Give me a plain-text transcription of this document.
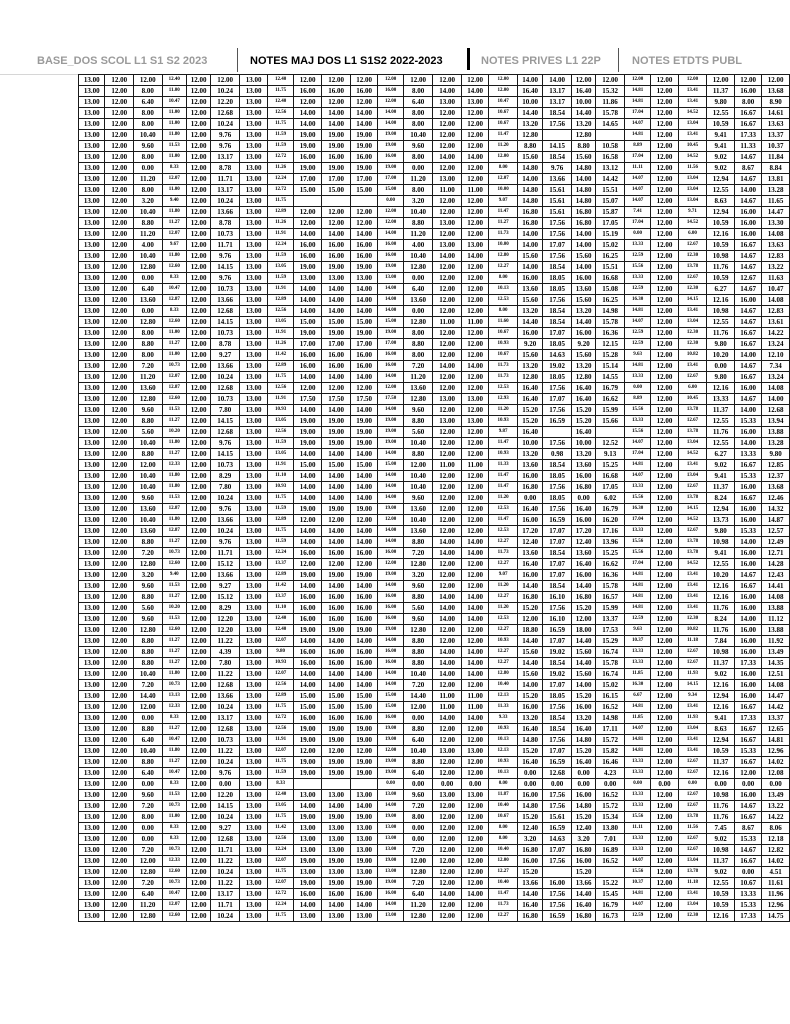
BASE_DOS SCOL L1 S1 S2 2023	NOTES MAJ DOS L1 S1S2 2022-2023	NOTES PRIVES L1 22P	NOTES ETDTS PUBL
13.00	12.00	12.00	12.40	12.00	12.00	13.00	12.40	12.00	12.00	12.00	12.00	12.00	12.00	12.00	12.00	14.00	14.00	12.00	12.00	12.00	12.00	12.00	12.00	12.00	12.00
13.00	12.00	8.00	11.00	12.00	10.24	13.00	11.75	16.00	16.00	16.00	16.00	8.00	14.00	14.00	12.00	16.40	13.17	16.40	15.32	14.81	12.00	13.41	11.37	16.00	13.68
13.00	12.00	6.40	10.47	12.00	12.20	13.00	12.40	12.00	12.00	12.00	12.00	6.40	13.00	13.00	10.47	10.00	13.17	10.00	11.86	14.81	12.00	13.41	9.80	8.00	8.90
13.00	12.00	8.00	11.00	12.00	12.68	13.00	12.56	14.00	14.00	14.00	14.00	8.00	12.00	12.00	10.67	14.40	18.54	14.40	15.78	17.04	12.00	14.52	12.55	16.67	14.61
13.00	12.00	8.00	11.00	12.00	10.24	13.00	11.75	14.00	14.00	14.00	14.00	8.00	12.00	12.00	10.67	13.20	17.56	13.20	14.65	14.07	12.00	13.04	10.59	16.67	13.63
13.00	12.00	10.40	11.80	12.00	9.76	13.00	11.59	19.00	19.00	19.00	19.00	10.40	12.00	12.00	11.47	12.80		12.80		14.81	12.00	13.41	9.41	17.33	13.37
13.00	12.00	9.60	11.53	12.00	9.76	13.00	11.59	19.00	19.00	19.00	19.00	9.60	12.00	12.00	11.20	8.80	14.15	8.80	10.58	8.89	12.00	10.45	9.41	11.33	10.37
13.00	12.00	8.00	11.00	12.00	13.17	13.00	12.72	16.00	16.00	16.00	16.00	8.00	14.00	14.00	12.00	15.60	18.54	15.60	16.58	17.04	12.00	14.52	9.02	14.67	11.84
13.00	12.00	0.00	8.33	12.00	8.78	13.00	11.26	19.00	19.00	19.00	19.00	0.00	12.00	12.00	8.00	14.80	9.76	14.80	13.12	11.11	12.00	11.56	9.02	8.67	8.84
13.00	12.00	11.20	12.07	12.00	11.71	13.00	12.24	17.00	17.00	17.00	17.00	11.20	13.00	12.00	12.07	14.00	13.66	14.00	14.42	14.07	12.00	13.04	12.94	14.67	13.81
13.00	12.00	8.00	11.00	12.00	13.17	13.00	12.72	15.00	15.00	15.00	15.00	8.00	11.00	11.00	10.00	14.80	15.61	14.80	15.51	14.07	12.00	13.04	12.55	14.00	13.28
13.00	12.00	3.20	9.40	12.00	10.24	13.00	11.75				0.00	3.20	12.00	12.00	9.07	14.80	15.61	14.80	15.07	14.07	12.00	13.04	8.63	14.67	11.65
13.00	12.00	10.40	11.80	12.00	13.66	13.00	12.89	12.00	12.00	12.00	12.00	10.40	12.00	12.00	11.47	16.80	15.61	16.80	15.87	7.41	12.00	9.71	12.94	16.00	14.47
13.00	12.00	8.80	11.27	12.00	8.78	13.00	11.26	12.00	12.00	12.00	12.00	8.80	13.00	12.00	11.27	16.80	17.56	16.80	17.05	17.04	12.00	14.52	10.59	16.00	13.30
13.00	12.00	11.20	12.07	12.00	10.73	13.00	11.91	14.00	14.00	14.00	14.00	11.20	12.00	12.00	11.73	14.00	17.56	14.00	15.19	0.00	12.00	6.00	12.16	16.00	14.08
13.00	12.00	4.00	9.67	12.00	11.71	13.00	12.24	16.00	16.00	16.00	16.00	4.00	13.00	13.00	10.00	14.00	17.07	14.00	15.02	13.33	12.00	12.67	10.59	16.67	13.63
13.00	12.00	10.40	11.80	12.00	9.76	13.00	11.59	16.00	16.00	16.00	16.00	10.40	14.00	14.00	12.80	15.60	17.56	15.60	16.25	12.59	12.00	12.30	10.98	14.67	12.83
13.00	12.00	12.80	12.60	12.00	14.15	13.00	13.05	19.00	19.00	19.00	19.00	12.80	12.00	12.00	12.27	14.00	18.54	14.00	15.51	15.56	12.00	13.78	11.76	14.67	13.22
13.00	12.00	0.00	8.33	12.00	9.76	13.00	11.59	13.00	13.00	13.00	13.00	0.00	12.00	12.00	8.00	16.00	18.05	16.00	16.68	13.33	12.00	12.67	10.59	12.67	11.63
13.00	12.00	6.40	10.47	12.00	10.73	13.00	11.91	14.00	14.00	14.00	14.00	6.40	12.00	12.00	10.13	13.60	18.05	13.60	15.08	12.59	12.00	12.30	6.27	14.67	10.47
13.00	12.00	13.60	12.87	12.00	13.66	13.00	12.89	14.00	14.00	14.00	14.00	13.60	12.00	12.00	12.53	15.60	17.56	15.60	16.25	16.30	12.00	14.15	12.16	16.00	14.08
13.00	12.00	0.00	8.33	12.00	12.68	13.00	12.56	14.00	14.00	14.00	14.00	0.00	12.00	12.00	8.00	13.20	18.54	13.20	14.98	14.81	12.00	13.41	10.98	14.67	12.83
13.00	12.00	12.80	12.60	12.00	14.15	13.00	13.05	15.00	15.00	15.00	15.00	12.80	11.00	11.00	11.60	14.40	18.54	14.40	15.78	14.07	12.00	13.04	12.55	14.67	13.61
13.00	12.00	8.00	11.00	12.00	10.73	13.00	11.91	19.00	19.00	19.00	19.00	8.00	12.00	12.00	10.67	16.00	17.07	16.00	16.36	12.59	12.00	12.30	11.76	16.67	14.22
13.00	12.00	8.80	11.27	12.00	8.78	13.00	11.26	17.00	17.00	17.00	17.00	8.80	12.00	12.00	10.93	9.20	18.05	9.20	12.15	12.59	12.00	12.30	9.80	16.67	13.24
13.00	12.00	8.00	11.00	12.00	9.27	13.00	11.42	16.00	16.00	16.00	16.00	8.00	12.00	12.00	10.67	15.60	14.63	15.60	15.28	9.63	12.00	10.82	10.20	14.00	12.10
13.00	12.00	7.20	10.73	12.00	13.66	13.00	12.89	16.00	16.00	16.00	16.00	7.20	14.00	14.00	11.73	13.20	19.02	13.20	15.14	14.81	12.00	13.41	0.00	14.67	7.34
13.00	12.00	11.20	12.07	12.00	10.24	13.00	11.75	14.00	14.00	14.00	14.00	11.20	12.00	12.00	11.73	12.80	18.05	12.80	14.55	13.33	12.00	12.67	9.80	16.67	13.24
13.00	12.00	13.60	12.87	12.00	12.68	13.00	12.56	12.00	12.00	12.00	12.00	13.60	12.00	12.00	12.53	16.40	17.56	16.40	16.79	0.00	12.00	6.00	12.16	16.00	14.08
13.00	12.00	12.80	12.60	12.00	10.73	13.00	11.91	17.50	17.50	17.50	17.50	12.80	13.00	13.00	12.93	16.40	17.07	16.40	16.62	8.89	12.00	10.45	13.33	14.67	14.00
13.00	12.00	9.60	11.53	12.00	7.80	13.00	10.93	14.00	14.00	14.00	14.00	9.60	12.00	12.00	11.20	15.20	17.56	15.20	15.99	15.56	12.00	13.78	11.37	14.00	12.68
13.00	12.00	8.80	11.27	12.00	14.15	13.00	13.05	19.00	19.00	19.00	19.00	8.80	13.00	13.00	10.93	15.20	16.59	15.20	15.66	13.33	12.00	12.67	12.55	15.33	13.94
13.00	12.00	5.60	10.20	12.00	12.68	13.00	12.56	19.00	19.00	19.00	19.00	5.60	12.00	12.00	9.87	16.40		16.40		15.56	12.00	13.78	11.76	16.00	13.88
13.00	12.00	10.40	11.80	12.00	9.76	13.00	11.59	19.00	19.00	19.00	19.00	10.40	12.00	12.00	11.47	10.00	17.56	10.00	12.52	14.07	12.00	13.04	12.55	14.00	13.28
13.00	12.00	8.80	11.27	12.00	14.15	13.00	13.05	14.00	14.00	14.00	14.00	8.80	12.00	12.00	10.93	13.20	0.98	13.20	9.13	17.04	12.00	14.52	6.27	13.33	9.80
13.00	12.00	12.00	12.33	12.00	10.73	13.00	11.91	15.00	15.00	15.00	15.00	12.00	11.00	11.00	11.33	13.60	18.54	13.60	15.25	14.81	12.00	13.41	9.02	16.67	12.85
13.00	12.00	10.40	11.80	12.00	8.29	13.00	11.10	14.00	14.00	14.00	14.00	10.40	12.00	12.00	11.47	16.00	18.05	16.00	16.68	14.07	12.00	13.04	9.41	15.33	12.37
13.00	12.00	10.40	11.80	12.00	7.80	13.00	10.93	14.00	14.00	14.00	14.00	10.40	12.00	12.00	11.47	16.80	17.56	16.80	17.05	13.33	12.00	12.67	11.37	16.00	13.68
13.00	12.00	9.60	11.53	12.00	10.24	13.00	11.75	14.00	14.00	14.00	14.00	9.60	12.00	12.00	11.20	0.00	18.05	0.00	6.02	15.56	12.00	13.78	8.24	16.67	12.46
13.00	12.00	13.60	12.87	12.00	9.76	13.00	11.59	19.00	19.00	19.00	19.00	13.60	12.00	12.00	12.53	16.40	17.56	16.40	16.79	16.30	12.00	14.15	12.94	16.00	14.32
13.00	12.00	10.40	11.80	12.00	13.66	13.00	12.89	12.00	12.00	12.00	12.00	10.40	12.00	12.00	11.47	16.00	16.59	16.00	16.20	17.04	12.00	14.52	13.73	16.00	14.87
13.00	12.00	13.60	12.87	12.00	10.24	13.00	11.75	14.00	14.00	14.00	14.00	13.60	12.00	12.00	12.53	17.20	17.07	17.20	17.16	13.33	12.00	12.67	9.80	15.33	12.57
13.00	12.00	8.80	11.27	12.00	9.76	13.00	11.59	14.00	14.00	14.00	14.00	8.80	14.00	14.00	12.27	12.40	17.07	12.40	13.96	15.56	12.00	13.78	10.98	14.00	12.49
13.00	12.00	7.20	10.73	12.00	11.71	13.00	12.24	16.00	16.00	16.00	16.00	7.20	14.00	14.00	11.73	13.60	18.54	13.60	15.25	15.56	12.00	13.78	9.41	16.00	12.71
13.00	12.00	12.80	12.60	12.00	15.12	13.00	13.37	12.00	12.00	12.00	12.00	12.80	12.00	12.00	12.27	16.40	17.07	16.40	16.62	17.04	12.00	14.52	12.55	16.00	14.28
13.00	12.00	3.20	9.40	12.00	13.66	13.00	12.89	19.00	19.00	19.00	19.00	3.20	12.00	12.00	9.07	16.00	17.07	16.00	16.36	14.81	12.00	13.41	10.20	14.67	12.43
13.00	12.00	9.60	11.53	12.00	9.27	13.00	11.42	14.00	14.00	14.00	14.00	9.60	12.00	12.00	11.20	14.40	18.54	14.40	15.78	14.81	12.00	13.41	12.16	16.67	14.41
13.00	12.00	8.80	11.27	12.00	15.12	13.00	13.37	16.00	16.00	16.00	16.00	8.80	14.00	14.00	12.27	16.80	16.10	16.80	16.57	14.81	12.00	13.41	12.16	16.00	14.08
13.00	12.00	5.60	10.20	12.00	8.29	13.00	11.10	16.00	16.00	16.00	16.00	5.60	14.00	14.00	11.20	15.20	17.56	15.20	15.99	14.81	12.00	13.41	11.76	16.00	13.88
13.00	12.00	9.60	11.53	12.00	12.20	13.00	12.40	16.00	16.00	16.00	16.00	9.60	14.00	14.00	12.53	12.00	16.10	12.00	13.37	12.59	12.00	12.30	8.24	14.00	11.12
13.00	12.00	12.80	12.60	12.00	12.20	13.00	12.40	19.00	19.00	19.00	19.00	12.80	12.00	12.00	12.27	18.80	16.59	18.00	17.53	9.63	12.00	10.82	11.76	16.00	13.88
13.00	12.00	8.80	11.27	12.00	11.22	13.00	12.07	14.00	14.00	14.00	14.00	8.80	12.00	12.00	10.93	14.40	17.07	14.40	15.29	10.37	12.00	11.18	7.84	16.00	11.92
13.00	12.00	8.80	11.27	12.00	4.39	13.00	9.80	16.00	16.00	16.00	16.00	8.80	14.00	14.00	12.27	15.60	19.02	15.60	16.74	13.33	12.00	12.67	10.98	16.00	13.49
13.00	12.00	8.80	11.27	12.00	7.80	13.00	10.93	16.00	16.00	16.00	16.00	8.80	14.00	14.00	12.27	14.40	18.54	14.40	15.78	13.33	12.00	12.67	11.37	17.33	14.35
13.00	12.00	10.40	11.80	12.00	11.22	13.00	12.07	14.00	14.00	14.00	14.00	10.40	14.00	14.00	12.80	15.60	19.02	15.60	16.74	11.85	12.00	11.93	9.02	16.00	12.51
13.00	12.00	7.20	10.73	12.00	12.68	13.00	12.56	14.00	14.00	14.00	14.00	7.20	12.00	12.00	10.40	14.00	17.07	14.00	15.02	16.30	12.00	14.15	12.16	16.00	14.08
13.00	12.00	14.40	13.13	12.00	13.66	13.00	12.89	15.00	15.00	15.00	15.00	14.40	11.00	11.00	12.13	15.20	18.05	15.20	16.15	6.67	12.00	9.34	12.94	16.00	14.47
13.00	12.00	12.00	12.33	12.00	10.24	13.00	11.75	15.00	15.00	15.00	15.00	12.00	11.00	11.00	11.33	16.00	17.56	16.00	16.52	14.81	12.00	13.41	12.16	16.67	14.42
13.00	12.00	0.00	8.33	12.00	13.17	13.00	12.72	16.00	16.00	16.00	16.00	0.00	14.00	14.00	9.33	13.20	18.54	13.20	14.98	11.85	12.00	11.93	9.41	17.33	13.37
13.00	12.00	8.80	11.27	12.00	12.68	13.00	12.56	19.00	19.00	19.00	19.00	8.80	12.00	12.00	10.93	16.40	18.54	16.40	17.11	14.07	12.00	13.04	8.63	16.67	12.65
13.00	12.00	6.40	10.47	12.00	10.73	13.00	11.91	19.00	19.00	19.00	19.00	6.40	12.00	12.00	10.13	14.80	17.56	14.80	15.72	14.81	12.00	13.41	12.94	16.67	14.81
13.00	12.00	10.40	11.80	12.00	11.22	13.00	12.07	12.00	12.00	12.00	12.00	10.40	13.00	13.00	12.13	15.20	17.07	15.20	15.82	14.81	12.00	13.41	10.59	15.33	12.96
13.00	12.00	8.80	11.27	12.00	10.24	13.00	11.75	19.00	19.00	19.00	19.00	8.80	12.00	12.00	10.93	16.40	16.59	16.40	16.46	13.33	12.00	12.67	11.37	16.67	14.02
13.00	12.00	6.40	10.47	12.00	9.76	13.00	11.59	19.00	19.00	19.00	19.00	6.40	12.00	12.00	10.13	0.00	12.68	0.00	4.23	13.33	12.00	12.67	12.16	12.00	12.08
13.00	12.00	0.00	8.33	12.00	0.00	13.00	8.33				0.00	0.00	0.00	0.00	0.00	0.00	0.00	0.00	0.00	0.00	0.00	0.00	0.00	0.00	0.00
13.00	12.00	9.60	11.53	12.00	12.20	13.00	12.40	13.00	13.00	13.00	13.00	9.60	13.00	13.00	11.87	16.00	17.56	16.00	16.52	13.33	12.00	12.67	10.98	16.00	13.49
13.00	12.00	7.20	10.73	12.00	14.15	13.00	13.05	14.00	14.00	14.00	14.00	7.20	12.00	12.00	10.40	14.80	17.56	14.80	15.72	13.33	12.00	12.67	11.76	14.67	13.22
13.00	12.00	8.00	11.00	12.00	10.24	13.00	11.75	19.00	19.00	19.00	19.00	8.00	12.00	12.00	10.67	15.20	15.61	15.20	15.34	15.56	12.00	13.78	11.76	16.67	14.22
13.00	12.00	0.00	8.33	12.00	9.27	13.00	11.42	13.00	13.00	13.00	13.00	0.00	12.00	12.00	8.00	12.40	16.59	12.40	13.80	11.11	12.00	11.56	7.45	8.67	8.06
13.00	12.00	0.00	8.33	12.00	12.68	13.00	12.56	13.00	13.00	13.00	13.00	0.00	12.00	12.00	8.00	3.20	14.63	3.20	7.01	13.33	12.00	12.67	9.02	15.33	12.18
13.00	12.00	7.20	10.73	12.00	11.71	13.00	12.24	13.00	13.00	13.00	13.00	7.20	12.00	12.00	10.40	16.80	17.07	16.80	16.89	13.33	12.00	12.67	10.98	14.67	12.82
13.00	12.00	12.00	12.33	12.00	11.22	13.00	12.07	19.00	19.00	19.00	19.00	12.00	12.00	12.00	12.00	16.00	17.56	16.00	16.52	14.07	12.00	13.04	11.37	16.67	14.02
13.00	12.00	12.80	12.60	12.00	10.24	13.00	11.75	13.00	13.00	13.00	13.00	12.80	12.00	12.00	12.27	15.20		15.20		15.56	12.00	13.78	9.02	0.00	4.51
13.00	12.00	7.20	10.73	12.00	11.22	13.00	12.07	19.00	19.00	19.00	19.00	7.20	12.00	12.00	10.40	13.66	16.00	13.66	15.22	10.37	12.00	11.18	12.55	10.67	11.61
13.00	12.00	6.40	10.47	12.00	13.17	13.00	12.72	16.00	16.00	16.00	16.00	6.40	14.00	14.00	11.47	14.40	17.56	14.40	15.45	14.81	12.00	13.41	10.59	13.33	11.96
13.00	12.00	11.20	12.07	12.00	11.71	13.00	12.24	14.00	14.00	14.00	14.00	11.20	12.00	12.00	11.73	16.40	17.56	16.40	16.79	14.07	12.00	13.04	10.59	15.33	12.96
13.00	12.00	12.80	12.60	12.00	10.24	13.00	11.75	13.00	13.00	13.00	13.00	12.80	12.00	12.00	12.27	16.80	16.59	16.80	16.73	12.59	12.00	12.30	12.16	17.33	14.75
